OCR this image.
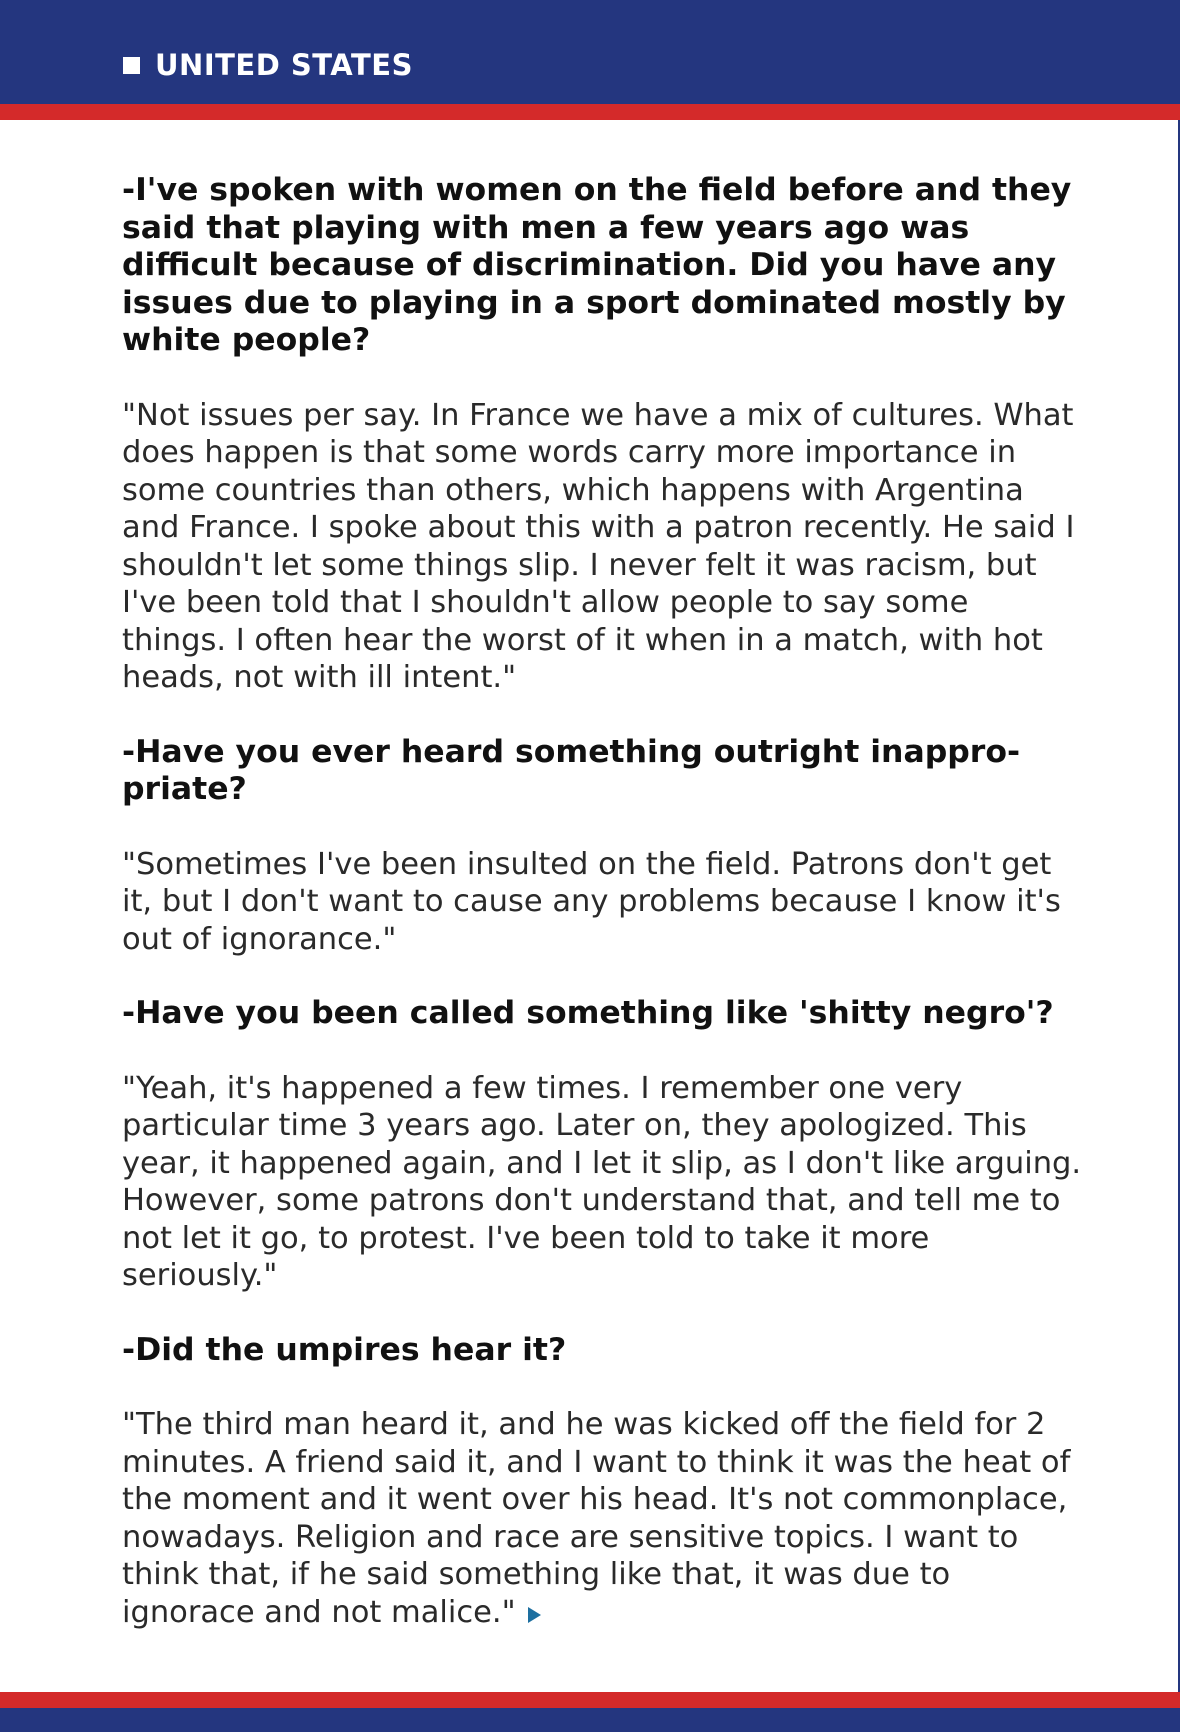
UNITED STATES

-I've spoken with women on the field before and they said that playing with men a few years ago was difficult because of discrimination. Did you have any issues due to playing in a sport dominated mostly by white people?

"Not issues per say. In France we have a mix of cultures. What does happen is that some words carry more importance in some countries than others, which happens with Argentina and France. I spoke about this with a patron recently. He said I shouldn't let some things slip. I never felt it was racism, but I've been told that I shouldn't allow people to say some things. I often hear the worst of it when in a match, with hot heads, not with ill intent."

-Have you ever heard something outright inappro- priate?

"Sometimes I've been insulted on the field. Patrons don't get it, but I don't want to cause any problems because I know it's out of ignorance."

-Have you been called something like 'shitty negro'?

"Yeah, it's happened a few times. I remember one very particular time 3 years ago. Later on, they apologized. This year, it happened again, and I let it slip, as I don't like arguing. However, some patrons don't understand that, and tell me to not let it go, to protest. I've been told to take it more seriously."

-Did the umpires hear it?

"The third man heard it, and he was kicked off the field for 2 minutes. A friend said it, and I want to think it was the heat of the moment and it went over his head. It's not commonplace, nowadays. Religion and race are sensitive topics. I want to think that, if he said something like that, it was due to ignorace and not malice."
